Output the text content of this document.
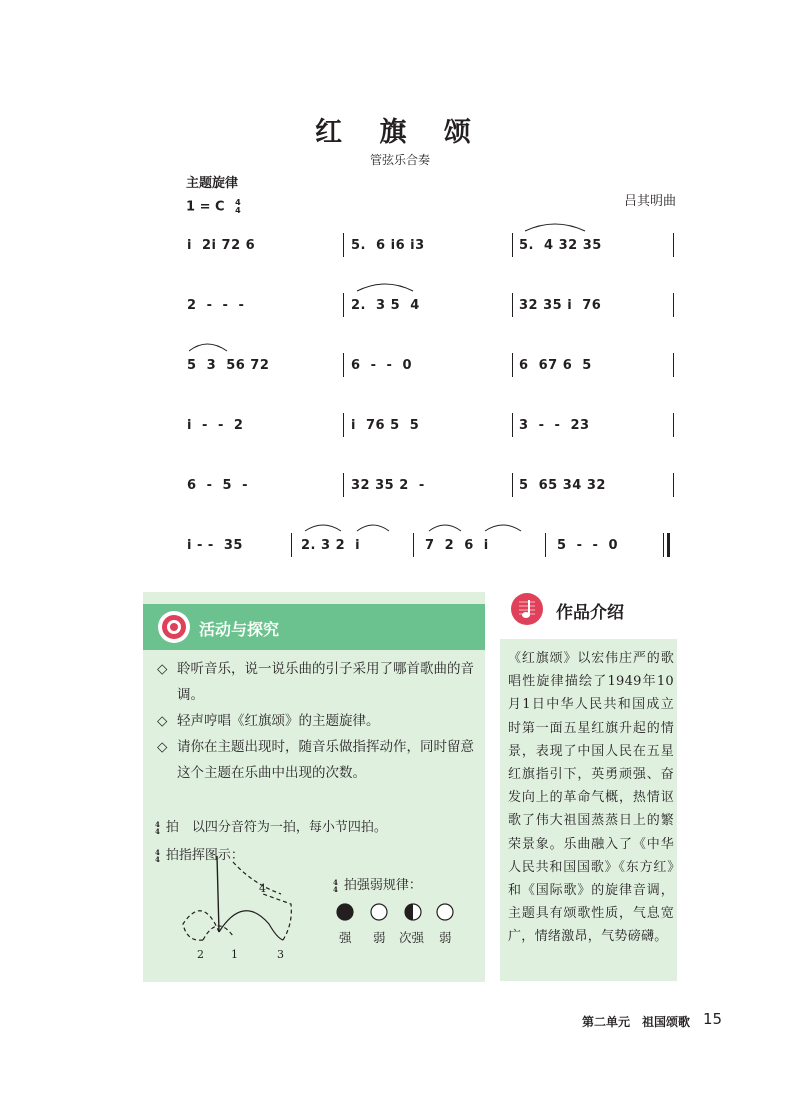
红 旗 颂
管弦乐合奏
主题旋律
吕其明曲
1 = C 4
4
i  2i 72 6	5.  6 i6 i3	5.  4 32 35
2  -  -  -	2.  3 5  4	32 35 i  76
5  3  56 72	6  -  -  0	6  67 6  5
i  -  -  2	i  76 5  5	3  -  -  23
6  -  5  -	32 35 2  -	5  65 34 32
i - -  35	2. 3 2  i	7  2  6  i	5  -  -  0
活动与探究
◇ 聆听音乐，说一说乐曲的引子采用了哪首歌曲的音调。
◇ 轻声哼唱《红旗颂》的主题旋律。
◇ 请你在主题出现时，随音乐做指挥动作，同时留意这个主题在乐曲中出现的次数。
4
4 拍　以四分音符为一拍，每小节四拍。
4
4 拍指挥图示：
2 1	3
4	4
4 拍强弱规律：
强 弱 次强 弱
作品介绍
《红旗颂》以宏伟庄严的歌唱性旋律描绘了1949年10月1日中华人民共和国成立时第一面五星红旗升起的情景，表现了中国人民在五星红旗指引下，英勇顽强、奋发向上的革命气概，热情讴歌了伟大祖国蒸蒸日上的繁荣景象。乐曲融入了《中华人民共和国国歌》《东方红》和《国际歌》的旋律音调，主题具有颂歌性质，气息宽广，情绪激昂，气势磅礴。
第二单元　祖国颂歌 15
